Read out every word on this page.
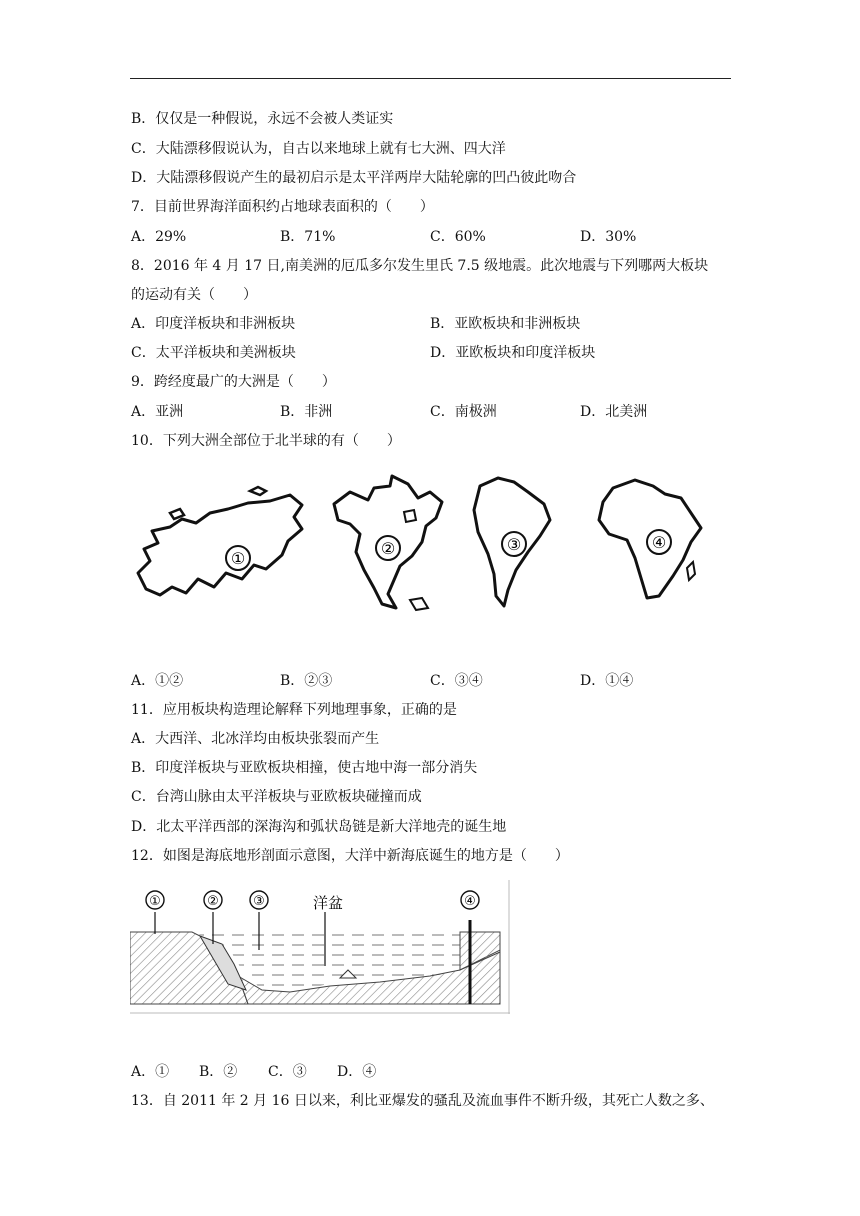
B．仅仅是一种假说，永远不会被人类证实
C．大陆漂移假说认为，自古以来地球上就有七大洲、四大洋
D．大陆漂移假说产生的最初启示是太平洋两岸大陆轮廓的凹凸彼此吻合
7．目前世界海洋面积约占地球表面积的（　　）
A．29%	B．71%	C．60%	D．30%
8．2016 年 4 月 17 日,南美洲的厄瓜多尔发生里氏 7.5 级地震。此次地震与下列哪两大板块
的运动有关（　　）
A．印度洋板块和非洲板块	B．亚欧板块和非洲板块
C．太平洋板块和美洲板块	D．亚欧板块和印度洋板块
9．跨经度最广的大洲是（　　）
A．亚洲	B．非洲	C．南极洲	D．北美洲
10．下列大洲全部位于北半球的有（　　）
①
②	③	④
A．①②	B．②③	C．③④	D．①④
11．应用板块构造理论解释下列地理事象，正确的是
A．大西洋、北冰洋均由板块张裂而产生
B．印度洋板块与亚欧板块相撞，使古地中海一部分消失
C．台湾山脉由太平洋板块与亚欧板块碰撞而成
D．北太平洋西部的深海沟和弧状岛链是新大洋地壳的诞生地
12．如图是海底地形剖面示意图，大洋中新海底诞生的地方是（　　）
①	②	③	④
洋盆
A．① B．② C．③ D．④
13．自 2011 年 2 月 16 日以来，利比亚爆发的骚乱及流血事件不断升级，其死亡人数之多、
